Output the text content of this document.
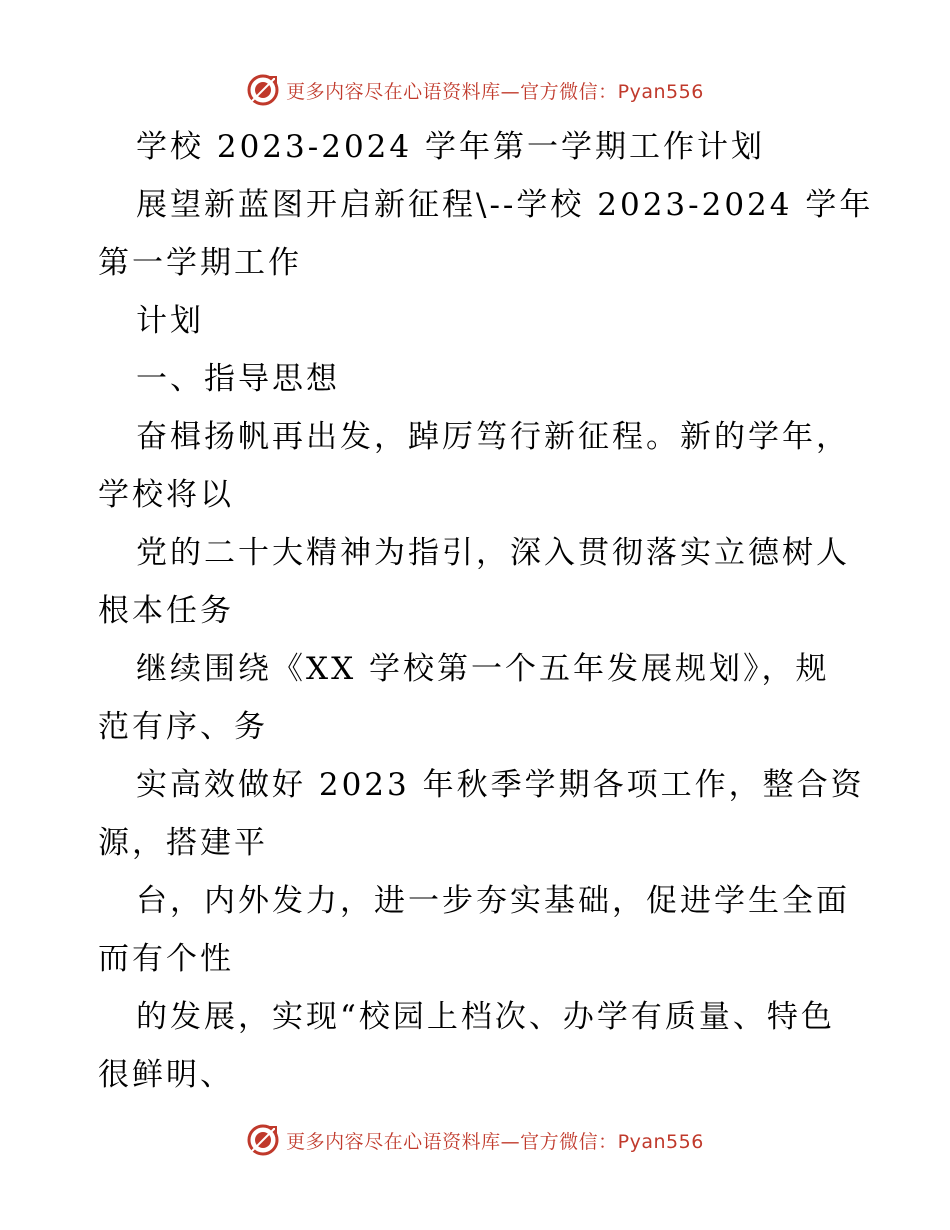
更多内容尽在心语资料库—官方微信：Pyan556
学校 2023-2024 学年第一学期工作计划
展望新蓝图开启新征程\--学校 2023-2024 学年
第一学期工作
计划
一、指导思想
奋楫扬帆再出发，踔厉笃行新征程。新的学年，
学校将以
党的二十大精神为指引，深入贯彻落实立德树人
根本任务
继续围绕《XX 学校第一个五年发展规划》，规
范有序、务
实高效做好 2023 年秋季学期各项工作，整合资
源，搭建平
台，内外发力，进一步夯实基础，促进学生全面
而有个性
的发展，实现“校园上档次、办学有质量、特色
很鲜明、
更多内容尽在心语资料库—官方微信：Pyan556
